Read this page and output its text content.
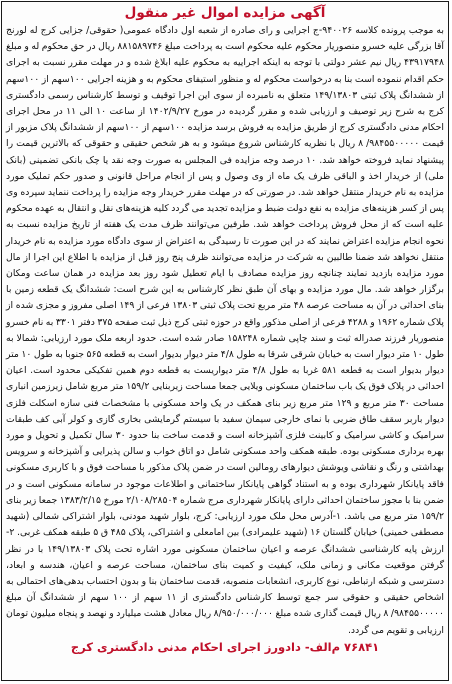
آگهی مزایده اموال غیر منقول
به موجب پرونده کلاسه ۹۴۰۰۲۶-ج اجرایی و رای صادره از شعبه اول دادگاه عمومی( حقوقی/ جزایی کرج له لورنج آقا بزرگی علیه خسرو منصوریار محکوم علیه محکوم است به پرداخت مبلغ ۸۸۱۵۸۹۷۴۶ ریال در حق محکوم له و مبلغ ۴۳۹۱۷۹۴۸ ریال نیم عشر دولتی با توجه به اینکه اجراییه به محکوم علیه ابلاغ شده و در مهلت مقرر نسبت به اجرای حکم اقدام ننموده است بنا به درخواست محکوم له و منظور استیفای محکوم به و هزینه اجرایی ۱۰۰سهم از ۱۰۰سهم از ششدانگ پلاک ثبتی ۱۴۹/۱۳۸۰۳ متعلق به نامبرده از سوی این اجرا توقیف و توسط کارشناس رسمی دادگستری کرج به شرح زیر توصیف و ارزیابی شده و مقرر گردیده در مورخ ۱۴۰۲/۹/۲۷ از ساعت ۱۰ الی ۱۱ در محل اجرای احکام مدنی دادگستری کرج از طریق مزایده به فروش برسد مزایده ۱۰۰سهم از ۱۰۰سهم از ششدانگ پلاک مزبور از قیمت ۹۸۴۵۵۰۰۰۰۰/ ۸ ریال با نظریه کارشناس شروع میشود و به هر شخص حقیقی و حقوقی که بالاترین قیمت را پیشنهاد نماید فروخته خواهد شد. ۱۰ درصد وجه مزایده فی المجلس به صورت وجه نقد یا چک بانکی تضمینی (بانک ملی) از خریدار اخذ و الباقی ظرف یک ماه از وی وصول و پس از انجام مراحل قانونی و صدور حکم تملیک مورد مزایده به نام خریدار منتقل خواهد شد. در صورتی که در مهلت مقرر خریدار وجه مزایده را پرداخت ننماید سپرده وی پس از کسر هزینه‌های مزایده به نفع دولت ضبط و مزایده تجدید می گردد کلیه هزینه‌های نقل و انتقال به عهده محکوم علیه است که از محل فروش پرداخت خواهد شد. طرفین می‌توانند ظرف مدت یک هفته از تاریخ مزایده نسبت به نحوه انجام مزایده اعتراض نمایند که در این صورت تا رسیدگی به اعتراض از سوی دادگاه مورد مزایده به نام خریدار منتقل نخواهد شد ضمنا طالبین به شرکت در مزایده می‌توانند ظرف پنج روز قبل از مزایده با اطلاع این اجرا از مال مورد مزایده بازدید نمایند چنانچه روز مزایده مصادف با ایام تعطیل شود روز بعد مزایده در همان ساعت ومکان برگزار خواهد شد. مال مورد مزایده و بهای آن طبق نظر کارشناس به این شرح است: ششدانگ یک قطعه زمین با بنای احداثی در آن به مساحت عرصه ۴۸ متر مربع تحت پلاک ثبتی ۱۳۸۰۳ فرعی از ۱۴۹ اصلی مفروز و مجزی شده از پلاک شماره ۱۹۶۲ و ۴۲۸۸ فرعی از اصلی مذکور واقع در حوزه ثبتی کرج ذیل ثبت صفحه ۳۷۵ دفتر ۳۳۰۱ به نام خسرو منصوریار فرزند صدراله ثبت و سند چاپی شماره ۱۵۸۲۴۸ صادر شده است. حدود اربعه ملک مورد ارزیابی: شمالا به طول ۱۰ متر دیوار است به خیابان شرقی شرقا به طول ۴/۸ متر دیوار بدیوار است به قطعه ۵۶۵ جنوبا به طول ۱۰ متر دیوار بدیوار است به قطعه ۵۸۱ غربا به طول ۴/۸ متر دیواریست به قطعه دوم همین تفکیکی محدود است. اعیان احداثی در پلاک فوق یک باب ساختمان مسکونی ویلایی جمعا مساحت زیربنایی ۱۵۹/۲ متر مربع شامل زیرزمین انباری مساحت ۳۰ متر مربع و ۱۲۹ متر مربع زیر بنای همکف در یک واحد مسکونی با مشخصات فنی سازه اسکلت فلزی دیوار باربر سقف طاق ضربی با نمای خارجی سیمان سفید با سیستم گرمایشی بخاری گازی و کولر آبی کف طبقات سرامیک و کاشی سرامیک و کابینت فلزی آشپزخانه است و قدمت ساخت بنا حدود ۳۰ سال تکمیل و تحویل و مورد بهره برداری مسکونی بوده. طبقه همکف واحد مسکونی شامل دو اتاق خواب و سالن پذیرایی و آشپزخانه و سرویس بهداشتی و رنگ و نقاشی ویوشش دیوارهای رومالین است در ضمن پلاک مذکور با مساحت فوق و با کاربری مسکونی فاقد پایانکار شهرداری بوده و به استناد گواهی پایانکار ساختمانی و اطلاعات موجود در سامانه مسکونی است و در ضمن بنا با مجوز ساختمان احداثی دارای پایانکار شهرداری مرج شماره ۲/۱۰۸/۲۸۵۰۴ مورخ ۱۳۸۳/۲/۱۵ جمعا زیر بنای ۱۵۹/۲ متر مربع می باشد. ۱-آدرس محل ملک مورد ارزیابی: کرج، بلوار شهید مودنی، بلوار اشتراکی شمالی (شهید مصطفی خمینی) خیابان گلستان ۱۶ (شهید علیمرادی) بین امامعلی و اشتراکی، پلاک ۴۸۵ ق ۵ طبقه همکف غربی. ۲-ارزش پایه کارشناسی ششدانگ عرصه و اعیان ساختمان مسکونی مورد اشاره تحت پلاک ۱۴۹/۱۳۸۰۳ با در نظر گرفتن موقعیت مکانی و زمانی ملک، کیفیت و کمیت بنای ساختمان، مساحت عرصه و اعیان، هندسه و ابعاد، دسترسی و شبکه ارتباطی، نوع کاربری، انشعابات منصوبه، قدمت ساختمان بنا و بدون احتساب بدهی‌های احتمالی به اشخاص حقیقی و حقوقی سر جمع توسط کارشناس دادگستری از ۱۱ سهم از ۱۰۰ سهم از ششدانگ آن مبلغ ۹۸۴۵۵۰۰۰۰۰/ ۸ ریال قیمت گذاری شده مبلغ ۸/۹۵۰/۰۰۰/۰۰۰ ریال معادل هشت میلیارد و نهصد و پنجاه میلیون تومان ارزیابی و تقویم می گردد.
۷۶۸۴۱ م‌الف- دادورز اجرای احکام مدنی دادگستری کرج
